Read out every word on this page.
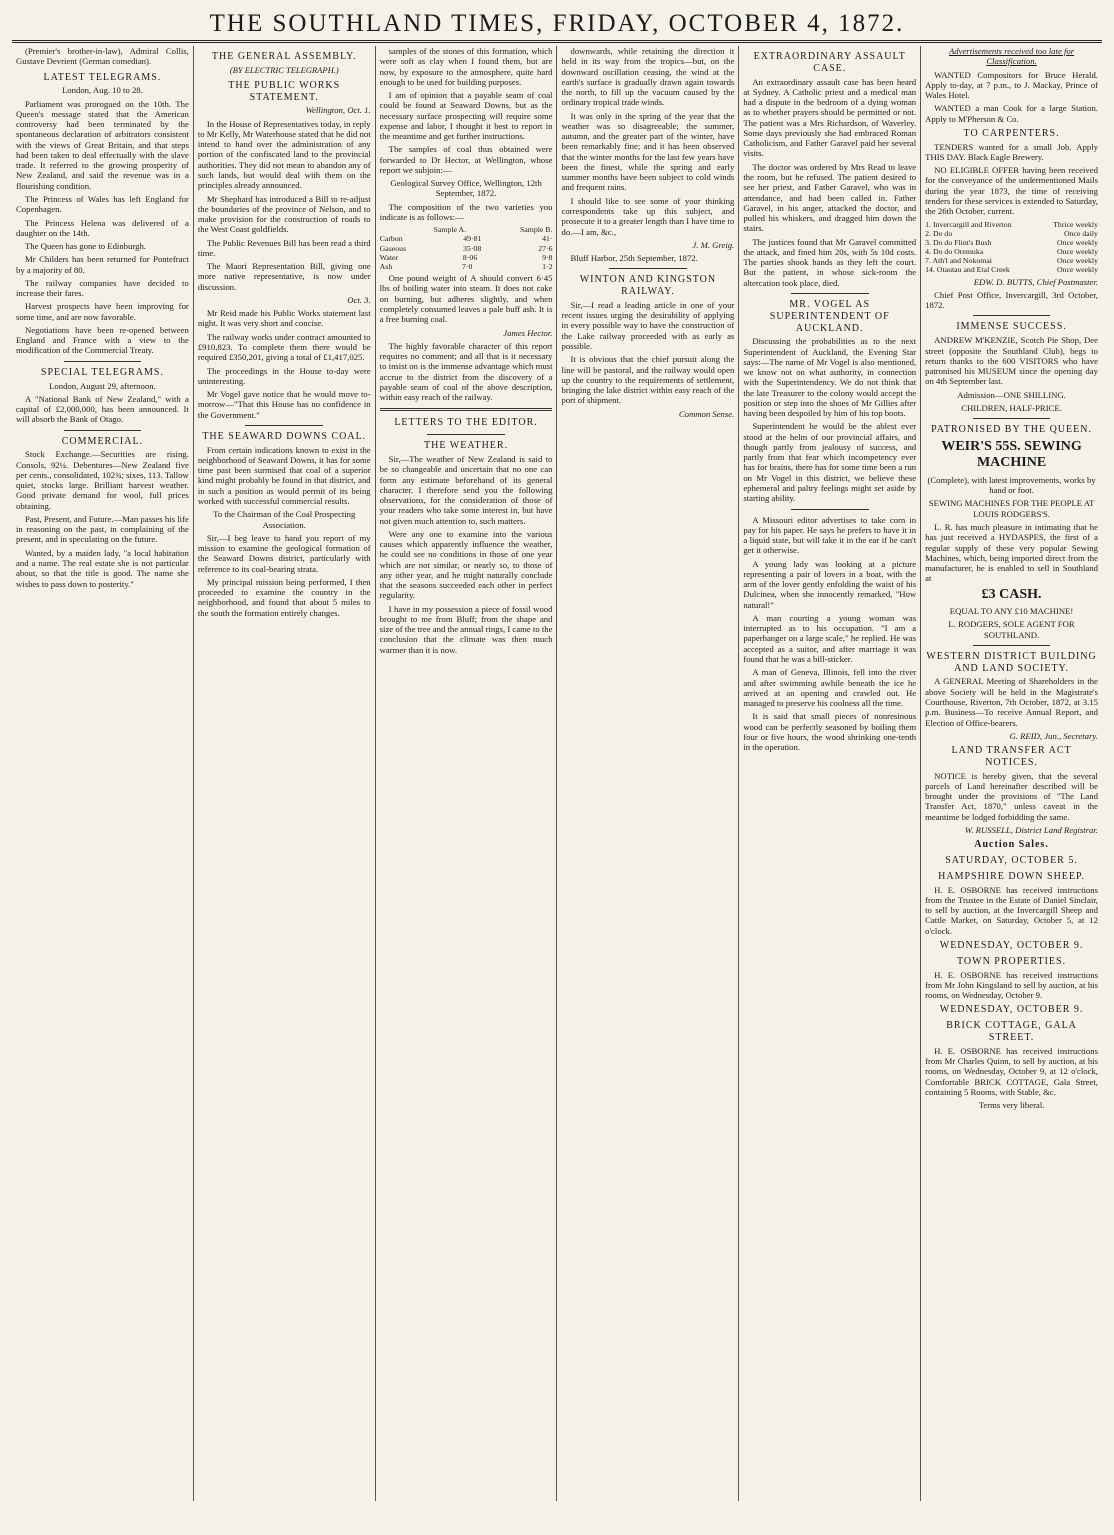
THE SOUTHLAND TIMES, FRIDAY, OCTOBER 4, 1872.

(Premier's brother-in-law), Admiral Collis, Gustave Devrient (German comedian).

LATEST TELEGRAMS.

London, Aug. 10 to 28.

Parliament was prorogued on the 10th. The Queen's message stated that the American controversy had been terminated by the spontaneous declaration of arbitrators consistent with the views of Great Britain, and that steps had been taken to deal effectually with the slave trade. It referred to the growing prosperity of New Zealand, and said the revenue was in a flourishing condition.

The Princess of Wales has left England for Copenhagen.

The Princess Helena was delivered of a daughter on the 14th.

The Queen has gone to Edinburgh.

Mr Childers has been returned for Pontefract by a majority of 80.

The railway companies have decided to increase their fares.

Harvest prospects have been improving for some time, and are now favorable.

Negotiations have been re-opened between England and France with a view to the modification of the Commercial Treaty.

SPECIAL TELEGRAMS.

London, August 29, afternoon.

A "National Bank of New Zealand," with a capital of £2,000,000, has been announced. It will absorb the Bank of Otago.

COMMERCIAL.

Stock Exchange.—Securities are rising. Consols, 92¼. Debentures—New Zealand five per cents., consolidated, 102¾; sixes, 113. Tallow quiet, stocks large. Brilliant harvest weather. Good private demand for wool, full prices obtaining.

Past, Present, and Future.—Man passes his life in reasoning on the past, in complaining of the present, and in speculating on the future.

Wanted, by a maiden lady, "a local habitation and a name. The real estate she is not particular about, so that the title is good. The name she wishes to pass down to posterity."

THE GENERAL ASSEMBLY.
(BY ELECTRIC TELEGRAPH.)
THE PUBLIC WORKS STATEMENT.

Wellington, Oct. 1.

In the House of Representatives today, in reply to Mr Kelly, Mr Waterhouse stated that he did not intend to hand over the administration of any portion of the confiscated land to the provincial authorities. They did not mean to abandon any of such lands, but would deal with them on the principles already announced.

Mr Shephard has introduced a Bill to re-adjust the boundaries of the province of Nelson, and to make provision for the construction of roads to the West Coast goldfields.

The Public Revenues Bill has been read a third time.

The Maori Representation Bill, giving one more native representative, is now under discussion.

Oct. 3.

Mr Reid made his Public Works statement last night. It was very short and concise.

The railway works under contract amounted to £910,823. To complete them there would be required £350,201, giving a total of £1,417,025.

The proceedings in the House to-day were uninteresting.

Mr Vogel gave notice that he would move to-morrow—"That this House has no confidence in the Government."

THE SEAWARD DOWNS COAL.

From certain indications known to exist in the neighborhood of Seaward Downs, it has for some time past been surmised that coal of a superior kind might probably be found in that district, and in such a position as would permit of its being worked with successful commercial results.

To the Chairman of the Coal Prospecting Association.

Sir,—I beg leave to hand you report of my mission to examine the geological formation of the Seaward Downs district, particularly with reference to its coal-bearing strata.

My principal mission being performed, I then proceeded to examine the country in the neighborhood, and found that about 5 miles to the south the formation entirely changes.

samples of the stones of this formation, which were soft as clay when I found them, but are now, by exposure to the atmosphere, quite hard enough to be used for building purposes.

I am of opinion that a payable seam of coal could be found at Seaward Downs, but as the necessary surface prospecting will require some expense and labor, I thought it best to report in the meantime and get further instructions.

The samples of coal thus obtained were forwarded to Dr Hector, at Wellington, whose report we subjoin:—

Geological Survey Office, Wellington, 12th September, 1872.

The composition of the two varieties you indicate is as follows:—

Sample A.	Sample B.
Carbon	49·81	41·
Gaseous	35·08	27·6
Water	8·06	9·8
Ash	7·0	1·2

One pound weight of A should convert 6·45 lbs of boiling water into steam. It does not cake on burning, but adheres slightly, and when completely consumed leaves a pale buff ash. It is a free burning coal.

James Hector.

The highly favorable character of this report requires no comment; and all that is it necessary to insist on is the immense advantage which must accrue to the district from the discovery of a payable seam of coal of the above description, within easy reach of the railway.

LETTERS TO THE EDITOR.
THE WEATHER.

Sir,—The weather of New Zealand is said to be so changeable and uncertain that no one can form any estimate beforehand of its general character. I therefore send you the following observations, for the consideration of those of your readers who take some interest in, but have not given much attention to, such matters.

Were any one to examine into the various causes which apparently influence the weather, he could see no conditions in those of one year which are not similar, or nearly so, to those of any other year, and he might naturally conclude that the seasons succeeded each other in perfect regularity.

I have in my possession a piece of fossil wood brought to me from Bluff; from the shape and size of the tree and the annual rings, I came to the conclusion that the climate was then much warmer than it is now.

downwards, while retaining the direction it held in its way from the tropics—but, on the downward oscillation ceasing, the wind at the earth's surface is gradually drawn again towards the north, to fill up the vacuum caused by the ordinary tropical trade winds.

It was only in the spring of the year that the weather was so disagreeable; the summer, autumn, and the greater part of the winter, have been remarkably fine; and it has been observed that the winter months for the last few years have been the finest, while the spring and early summer months have been subject to cold winds and frequent rains.

I should like to see some of your thinking correspondents take up this subject, and prosecute it to a greater length than I have time to do.—I am, &c.,

J. M. Greig.

Bluff Harbor, 25th September, 1872.

WINTON AND KINGSTON RAILWAY.

Sir,—I read a leading article in one of your recent issues urging the desirability of applying in every possible way to have the construction of the Lake railway proceeded with as early as possible.

It is obvious that the chief pursuit along the line will be pastoral, and the railway would open up the country to the requirements of settlement, bringing the lake district within easy reach of the port of shipment.

Common Sense.

EXTRAORDINARY ASSAULT CASE.

An extraordinary assault case has been heard at Sydney. A Catholic priest and a medical man had a dispute in the bedroom of a dying woman as to whether prayers should be permitted or not. The patient was a Mrs Richardson, of Waverley. Some days previously she had embraced Roman Catholicism, and Father Garavel paid her several visits.

The doctor was ordered by Mrs Read to leave the room, but he refused. The patient desired to see her priest, and Father Garavel, who was in attendance, and had been called in. Father Garavel, in his anger, attacked the doctor, and pulled his whiskers, and dragged him down the stairs.

The justices found that Mr Garavel committed the attack, and fined him 20s, with 5s 10d costs. The parties shook hands as they left the court. But the patient, in whose sick-room the altercation took place, died.

MR. VOGEL AS SUPERINTENDENT OF AUCKLAND.

Discussing the probabilities as to the next Superintendent of Auckland, the Evening Star says:—The name of Mr Vogel is also mentioned, we know not on what authority, in connection with the Superintendency. We do not think that the late Treasurer to the colony would accept the position or step into the shoes of Mr Gillies after having been despoiled by him of his top boots.

Superintendent he would be the ablest ever stood at the helm of our provincial affairs, and though partly from jealousy of success, and partly from that fear which incompetency ever has for brains, there has for some time been a run on Mr Vogel in this district, we believe these ephemeral and paltry feelings might set aside by starting ability.

A Missouri editor advertises to take corn in pay for his paper. He says he prefers to have it in a liquid state, but will take it in the ear if he can't get it otherwise.

A young lady was looking at a picture representing a pair of lovers in a boat, with the arm of the lover gently enfolding the waist of his Dulcinea, when she innocently remarked, "How natural!"

A man courting a young woman was interrupted as to his occupation. "I am a paperhanger on a large scale," he replied. He was accepted as a suitor, and after marriage it was found that he was a bill-sticker.

A man of Geneva, Illinois, fell into the river and after swimming awhile beneath the ice he arrived at an opening and crawled out. He managed to preserve his coolness all the time.

It is said that small pieces of nonresinous wood can be perfectly seasoned by boiling them four or five hours, the wood shrinking one-tenth in the operation.

Advertisements received too late for Classification.

WANTED Compositors for Bruce Herald. Apply to-day, at 7 p.m., to J. Mackay, Prince of Wales Hotel.

WANTED a man Cook for a large Station. Apply to M'Pherson & Co.

TO CARPENTERS.

TENDERS wanted for a small Job. Apply THIS DAY. Black Eagle Brewery.

NO ELIGIBLE OFFER having been received for the conveyance of the undermentioned Mails during the year 1873, the time of receiving tenders for these services is extended to Saturday, the 26th October, current.

1. Invercargill and Riverton	Thrice weekly
2. Do do	Once daily
3. Do do Flint's Bush	Once weekly
4. Do do Oremuka	Once weekly
7. Ath'l and Nokomai	Once weekly
14. Otautau and Etal Creek	Once weekly

EDW. D. BUTTS, Chief Postmaster.

Chief Post Office, Invercargill, 3rd October, 1872.

IMMENSE SUCCESS.

ANDREW M'KENZIE, Scotch Pie Shop, Dee street (opposite the Southland Club), begs to return thanks to the 600 VISITORS who have patronised his MUSEUM since the opening day on 4th September last.

Admission—ONE SHILLING.

CHILDREN, HALF-PRICE.

PATRONISED BY THE QUEEN.

WEIR'S 55S. SEWING MACHINE

(Complete), with latest improvements, works by hand or foot.

SEWING MACHINES FOR THE PEOPLE AT LOUIS RODGERS'S.

L. R. has much pleasure in intimating that he has just received a HYDASPES, the first of a regular supply of these very popular Sewing Machines, which, being imported direct from the manufacturer, he is enabled to sell in Southland at

£3 CASH.

EQUAL TO ANY £10 MACHINE!

L. RODGERS, SOLE AGENT FOR SOUTHLAND.

WESTERN DISTRICT BUILDING AND LAND SOCIETY.

A GENERAL Meeting of Shareholders in the above Society will be held in the Magistrate's Courthouse, Riverton, 7th October, 1872, at 3.15 p.m. Business—To receive Annual Report, and Election of Office-bearers.

G. REID, Jun., Secretary.

LAND TRANSFER ACT NOTICES.

NOTICE is hereby given, that the several parcels of Land hereinafter described will be brought under the provisions of "The Land Transfer Act, 1870," unless caveat in the meantime be lodged forbidding the same.

W. RUSSELL, District Land Registrar.

Auction Sales.
SATURDAY, OCTOBER 5.
HAMPSHIRE DOWN SHEEP.

H. E. OSBORNE has received instructions from the Trustee in the Estate of Daniel Sinclair, to sell by auction, at the Invercargill Sheep and Cattle Market, on Saturday, October 5, at 12 o'clock.

WEDNESDAY, OCTOBER 9.
TOWN PROPERTIES.

H. E. OSBORNE has received instructions from Mr John Kingsland to sell by auction, at his rooms, on Wednesday, October 9.

WEDNESDAY, OCTOBER 9.
BRICK COTTAGE, GALA STREET.

H. E. OSBORNE has received instructions from Mr Charles Quinn, to sell by auction, at his rooms, on Wednesday, October 9, at 12 o'clock, Comfortable BRICK COTTAGE, Gala Street, containing 5 Rooms, with Stable, &c.

Terms very liberal.
